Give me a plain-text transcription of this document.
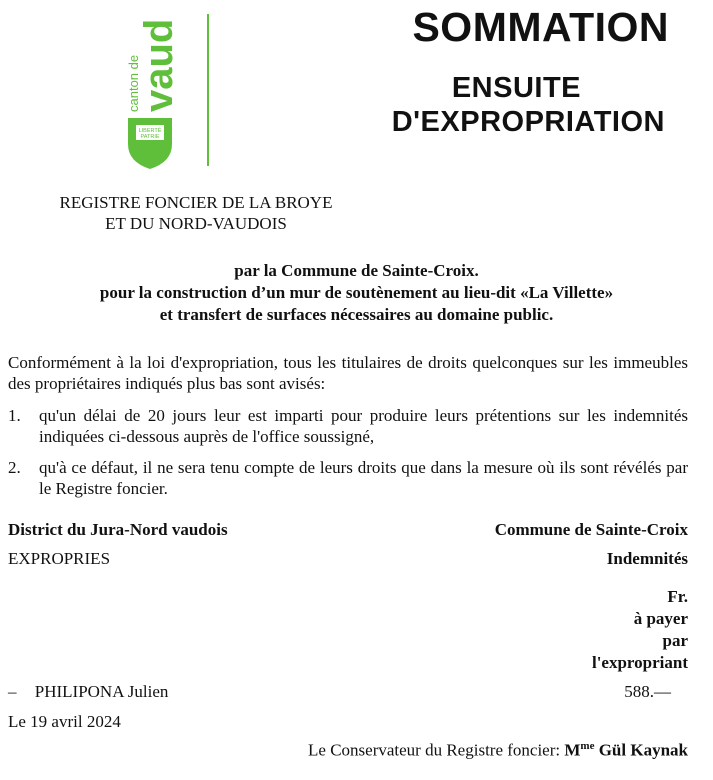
canton de
vaud
LIBERTÉ
PATRIE
SOMMATION
ENSUITE
D'EXPROPRIATION
REGISTRE FONCIER DE LA BROYE
ET DU NORD-VAUDOIS
par la Commune de Sainte-Croix.
pour la construction d’un mur de soutènement au lieu-dit «La Villette»
et transfert de surfaces nécessaires au domaine public.
Conformément à la loi d'expropriation, tous les titulaires de droits quelconques sur les immeubles des propriétaires indiqués plus bas sont avisés:
1. qu'un délai de 20 jours leur est imparti pour produire leurs prétentions sur les indemnités indiquées ci-dessous auprès de l'office soussigné,
2. qu'à ce défaut, il ne sera tenu compte de leurs droits que dans la mesure où ils sont révélés par le Registre foncier.
District du Jura-Nord vaudois	Commune de Sainte-Croix
EXPROPRIES	Indemnités
Fr.
à payer
par
l'expropriant
– PHILIPONA Julien	588.—
Le 19 avril 2024
Le Conservateur du Registre foncier: $M^{me}$ Gül Kaynak
